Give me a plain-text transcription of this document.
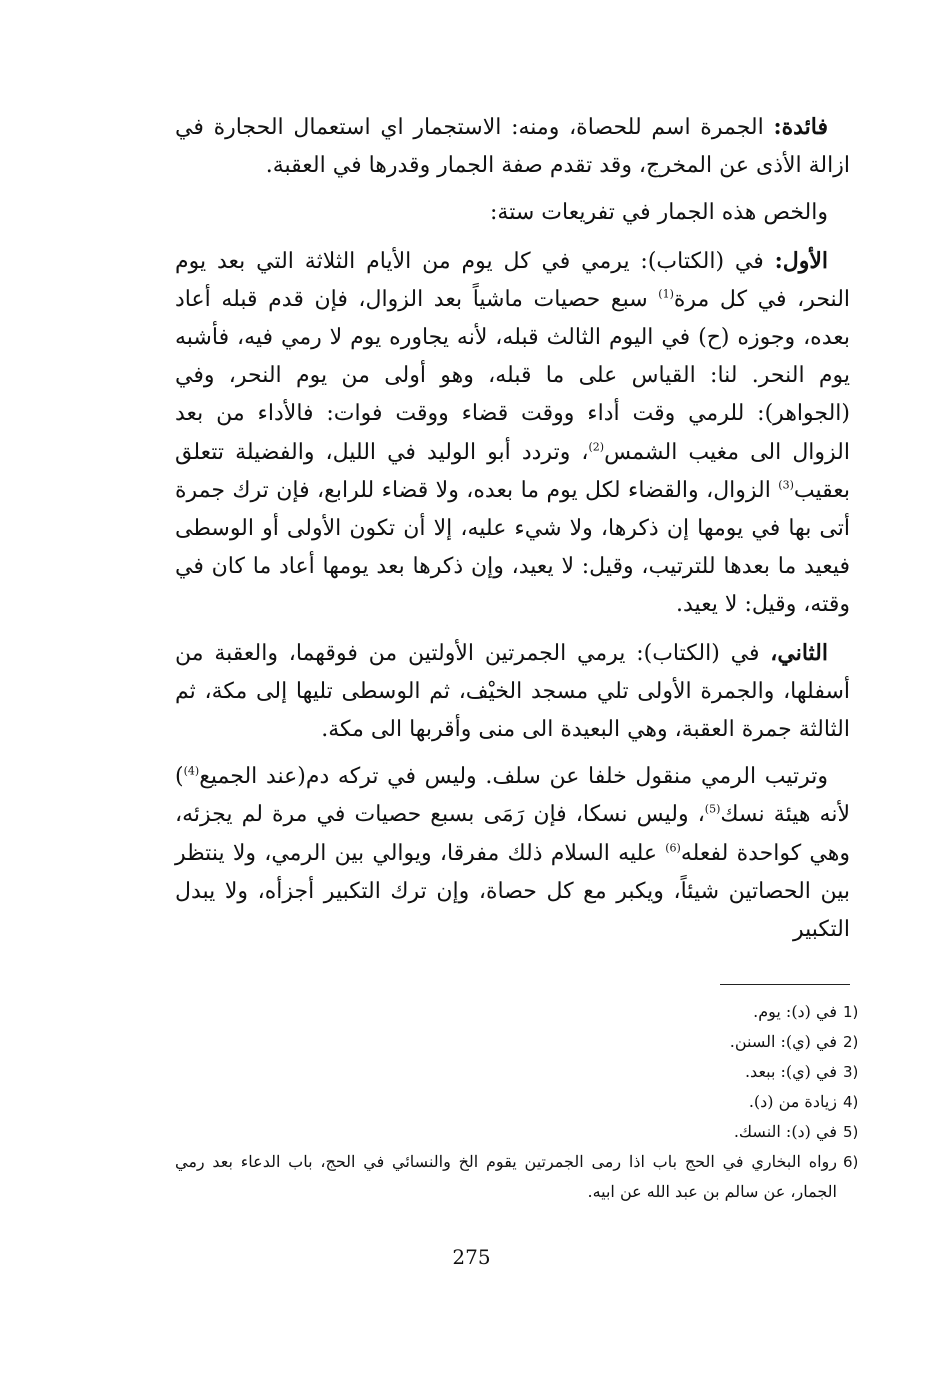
فائدة: الجمرة اسم للحصاة، ومنه: الاستجمار اي استعمال الحجارة في ازالة الأذى عن المخرج، وقد تقدم صفة الجمار وقدرها في العقبة.

والخص هذه الجمار في تفريعات ستة:

الأول: في (الكتاب): يرمي في كل يوم من الأيام الثلاثة التي بعد يوم النحر، في كل مرة$^{(1)}$ سبع حصيات ماشياً بعد الزوال، فإن قدم قبله أعاد بعده، وجوزه (ح) في اليوم الثالث قبله، لأنه يجاوره يوم لا رمي فيه، فأشبه يوم النحر. لنا: القياس على ما قبله، وهو أولى من يوم النحر، وفي (الجواهر): للرمي وقت أداء ووقت قضاء ووقت فوات: فالأداء من بعد الزوال الى مغيب الشمس$^{(2)}$، وتردد أبو الوليد في الليل، والفضيلة تتعلق بعقيب$^{(3)}$ الزوال، والقضاء لكل يوم ما بعده، ولا قضاء للرابع، فإن ترك جمرة أتى بها في يومها إن ذكرها، ولا شيء عليه، إلا أن تكون الأولى أو الوسطى فيعيد ما بعدها للترتيب، وقيل: لا يعيد، وإن ذكرها بعد يومها أعاد ما كان في وقته، وقيل: لا يعيد.

الثاني، في (الكتاب): يرمي الجمرتين الأولتين من فوقهما، والعقبة من أسفلها، والجمرة الأولى تلي مسجد الخيْف، ثم الوسطى تليها إلى مكة، ثم الثالثة جمرة العقبة، وهي البعيدة الى منى وأقربها الى مكة.

وترتيب الرمي منقول خلفا عن سلف. وليس في تركه دم(عند الجميع$^{(4)}$) لأنه هيئة نسك$^{(5)}$، وليس نسكا، فإن رَمَى بسبع حصيات في مرة لم يجزئه، وهي كواحدة لفعله$^{(6)}$ عليه السلام ذلك مفرقا، ويوالي بين الرمي، ولا ينتظر بين الحصاتين شيئاً، ويكبر مع كل حصاة، وإن ترك التكبير أجزأه، ولا يبدل التكبير

1)
في (د): يوم.
2)
في (ي): السنن.
3)
في (ي): ببعد.
4)
زيادة من (د).
5)
في (د): النسك.
6)
رواه البخاري في الحج باب اذا رمى الجمرتين يقوم الخ والنسائي في الحج، باب الدعاء بعد رمي الجمار، عن سالم بن عبد الله عن ابيه.
275
